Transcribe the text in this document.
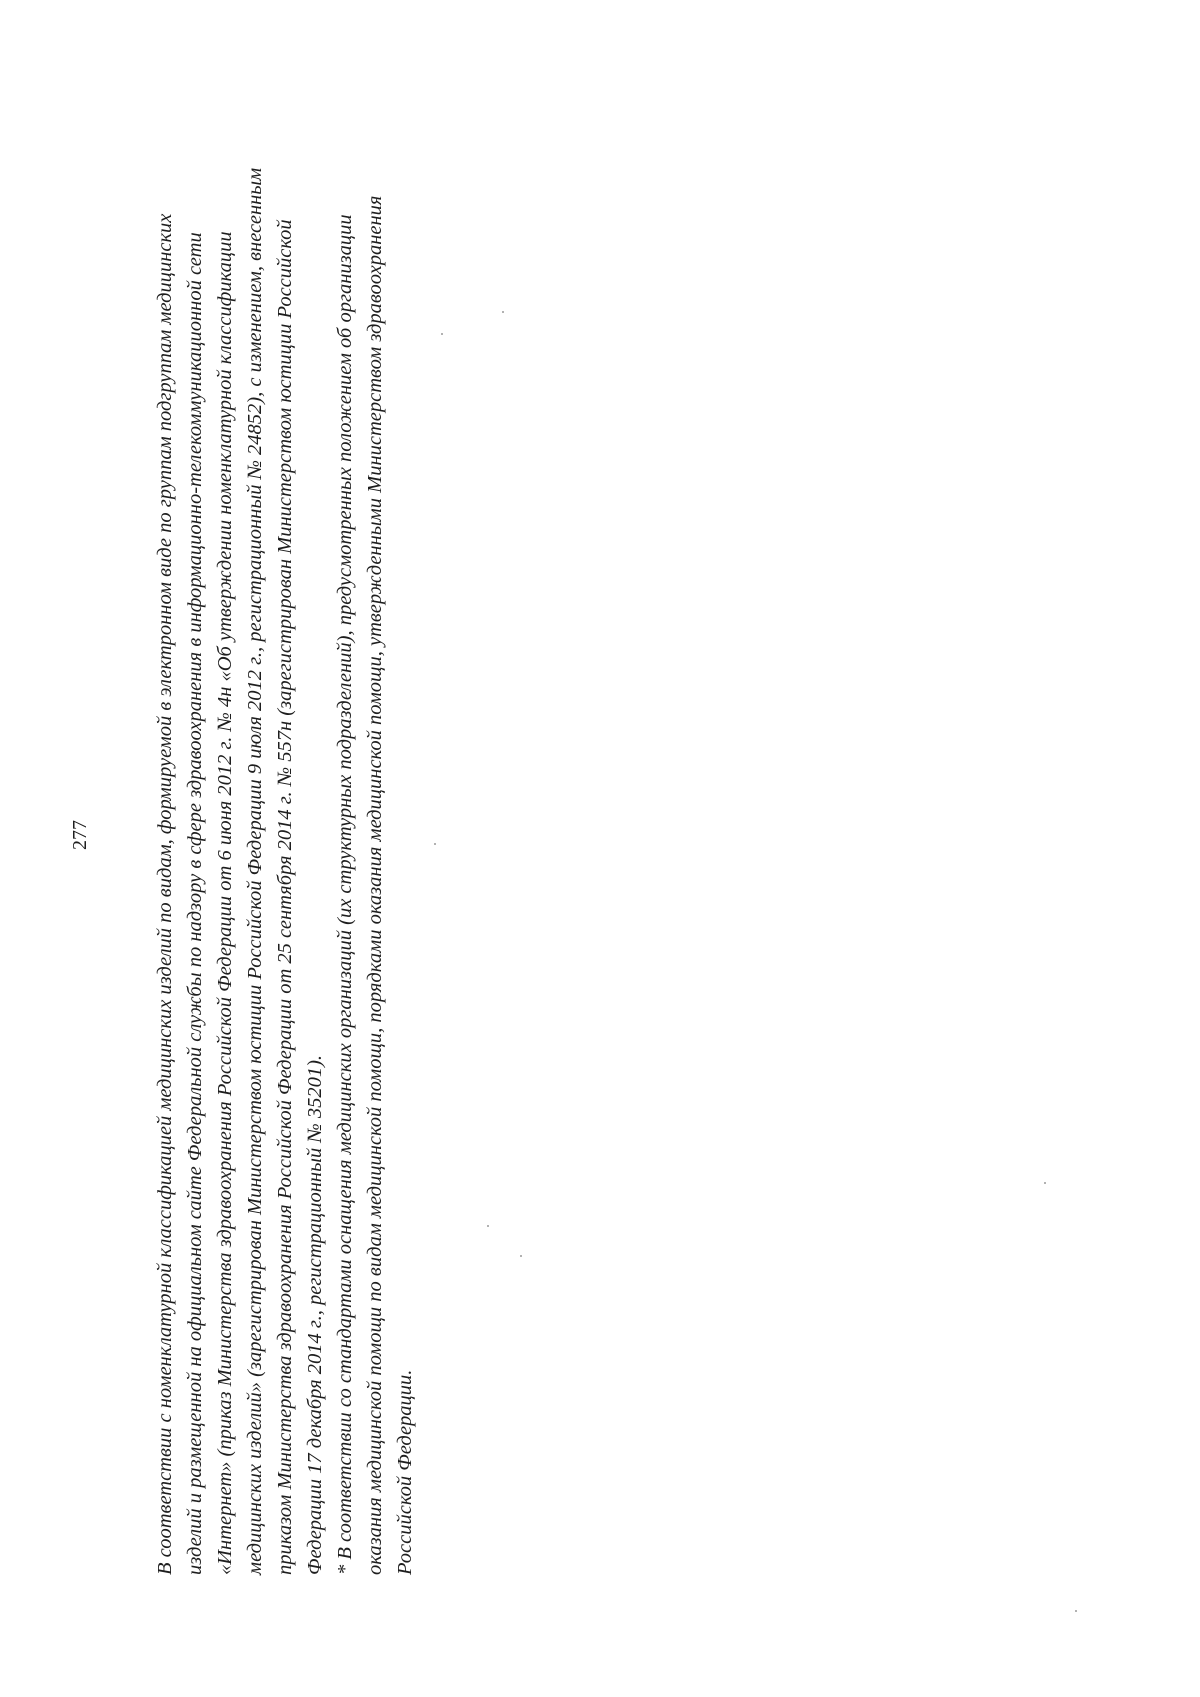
277	В соответствии с номенклатурной классификацией медицинских изделий по видам, формируемой в электронном виде по группам подгруппам медицинских изделий и размещенной на официальном сайте Федеральной службы по надзору в сфере здравоохранения в информационно-телекоммуникационной сети «Интернет» (приказ Министерства здравоохранения Российской Федерации от 6 июня 2012 г. № 4н «Об утверждении номенклатурной классификации медицинских изделий» (зарегистрирован Министерством юстиции Российской Федерации 9 июля 2012 г., регистрационный № 24852), с изменением, внесенным приказом Министерства здравоохранения Российской Федерации от 25 сентября 2014 г. № 557н (зарегистрирован Министерством юстиции Российской Федерации 17 декабря 2014 г., регистрационный № 35201). * В соответствии со стандартами оснащения медицинских организаций (их структурных подразделений), предусмотренных положением об организации оказания медицинской помощи по видам медицинской помощи, порядками оказания медицинской помощи, утвержденными Министерством здравоохранения Российской Федерации.
